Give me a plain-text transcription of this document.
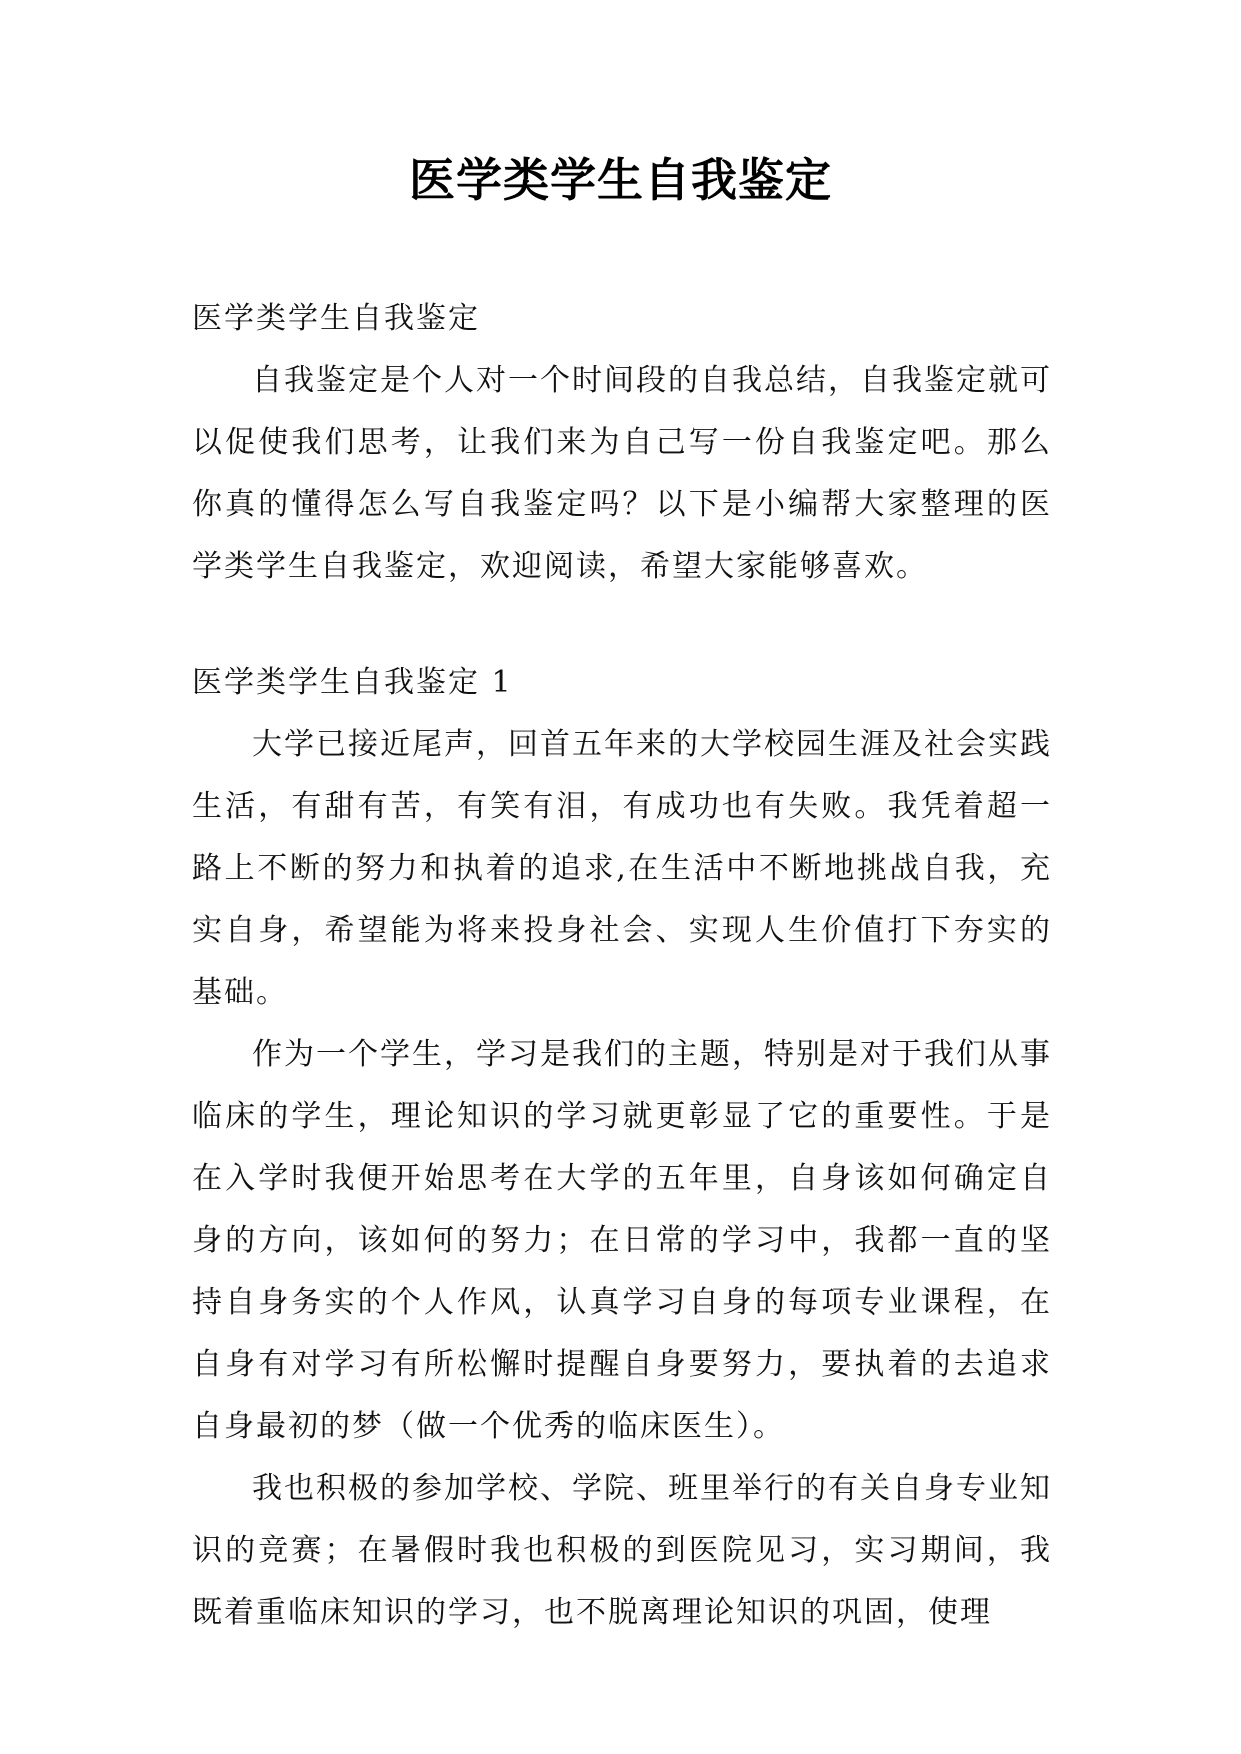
医学类学生自我鉴定

医学类学生自我鉴定

自我鉴定是个人对一个时间段的自我总结，自我鉴定就可以促使我们思考，让我们来为自己写一份自我鉴定吧。那么你真的懂得怎么写自我鉴定吗？以下是小编帮大家整理的医学类学生自我鉴定，欢迎阅读，希望大家能够喜欢。

医学类学生自我鉴定 1

大学已接近尾声，回首五年来的大学校园生涯及社会实践生活，有甜有苦，有笑有泪，有成功也有失败。我凭着超一路上不断的努力和执着的追求,在生活中不断地挑战自我，充实自身，希望能为将来投身社会、实现人生价值打下夯实的基础。

作为一个学生，学习是我们的主题，特别是对于我们从事临床的学生，理论知识的学习就更彰显了它的重要性。于是在入学时我便开始思考在大学的五年里，自身该如何确定自身的方向，该如何的努力；在日常的学习中，我都一直的坚持自身务实的个人作风，认真学习自身的每项专业课程，在自身有对学习有所松懈时提醒自身要努力，要执着的去追求自身最初的梦（做一个优秀的临床医生）。

我也积极的参加学校、学院、班里举行的有关自身专业知识的竞赛；在暑假时我也积极的到医院见习，实习期间，我既着重临床知识的学习，也不脱离理论知识的巩固，使理
